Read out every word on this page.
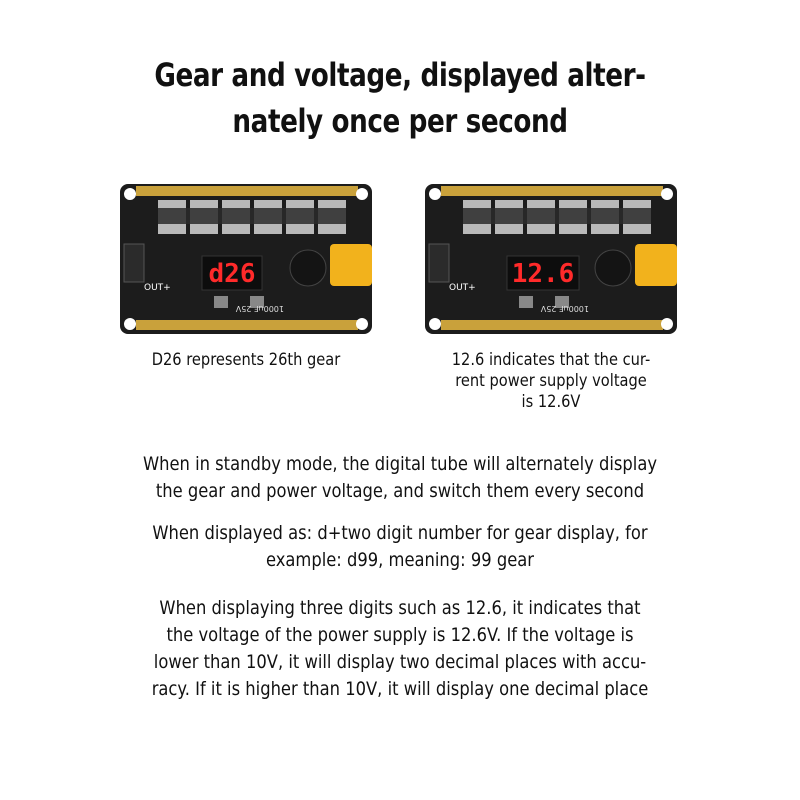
Gear and voltage, displayed alter-
nately once per second
d26
OUT+
1000uF 25V
12.6
OUT+
1000uF 25V
D26 represents 26th gear	12.6 indicates that the cur-
rent power supply voltage
is 12.6V
When in standby mode, the digital tube will alternately display
the gear and power voltage, and switch them every second
When displayed as: d+two digit number for gear display, for
example: d99, meaning: 99 gear
When displaying three digits such as 12.6, it indicates that
the voltage of the power supply is 12.6V. If the voltage is
lower than 10V, it will display two decimal places with accu-
racy. If it is higher than 10V, it will display one decimal place
